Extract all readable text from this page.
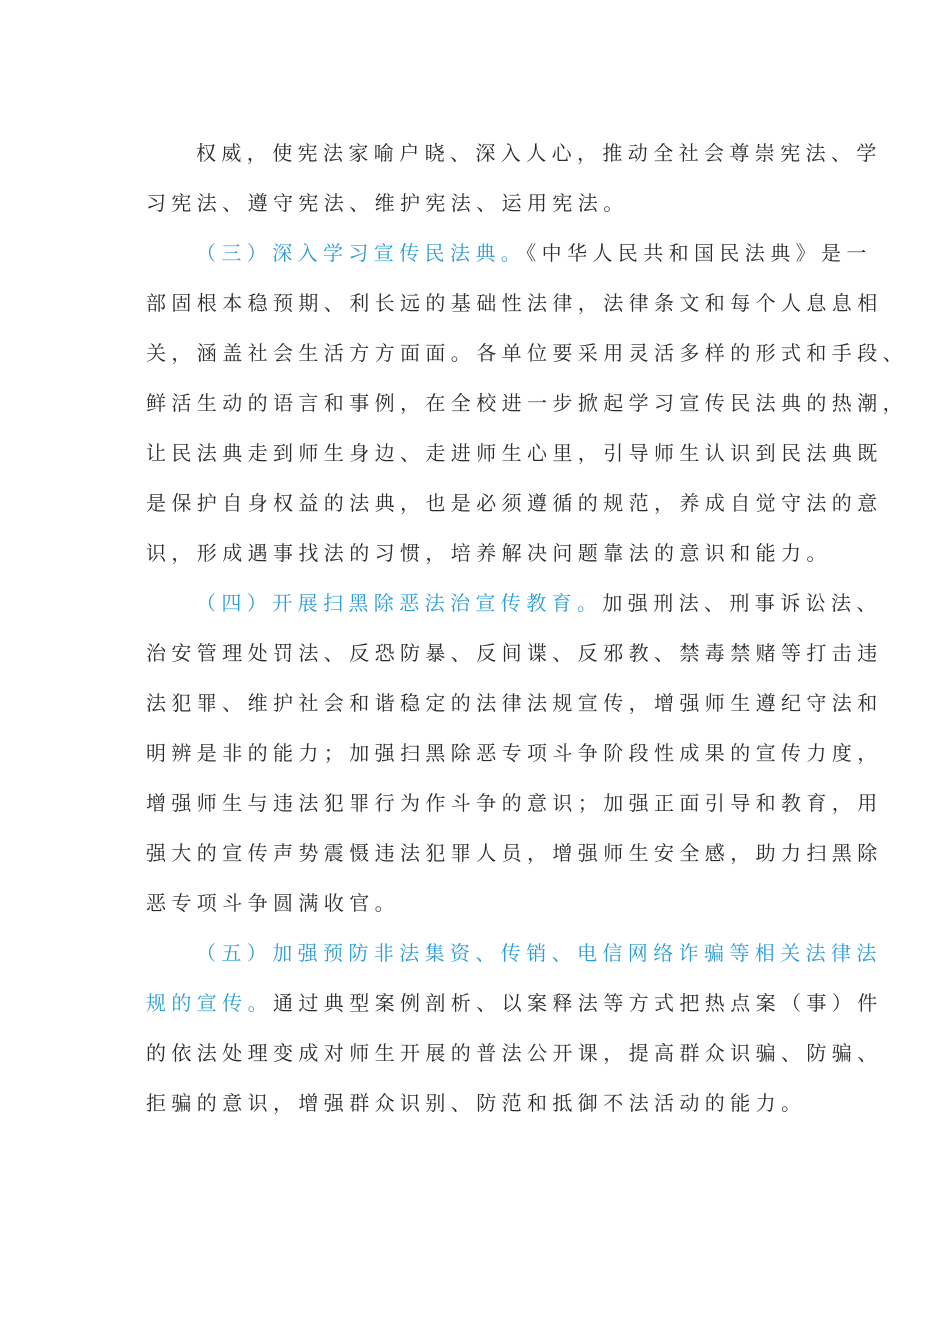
权威，使宪法家喻户晓、深入人心，推动全社会尊崇宪法、学
习宪法、遵守宪法、维护宪法、运用宪法。
（三）深入学习宣传民法典。《中华人民共和国民法典》是一
部固根本稳预期、利长远的基础性法律，法律条文和每个人息息相
关，涵盖社会生活方方面面。各单位要采用灵活多样的形式和手段、
鲜活生动的语言和事例，在全校进一步掀起学习宣传民法典的热潮，
让民法典走到师生身边、走进师生心里，引导师生认识到民法典既
是保护自身权益的法典，也是必须遵循的规范，养成自觉守法的意
识，形成遇事找法的习惯，培养解决问题靠法的意识和能力。
（四）开展扫黑除恶法治宣传教育。加强刑法、刑事诉讼法、
治安管理处罚法、反恐防暴、反间谍、反邪教、禁毒禁赌等打击违
法犯罪、维护社会和谐稳定的法律法规宣传，增强师生遵纪守法和
明辨是非的能力；加强扫黑除恶专项斗争阶段性成果的宣传力度，
增强师生与违法犯罪行为作斗争的意识；加强正面引导和教育，用
强大的宣传声势震慑违法犯罪人员，增强师生安全感，助力扫黑除
恶专项斗争圆满收官。
（五）加强预防非法集资、传销、电信网络诈骗等相关法律法
规的宣传。通过典型案例剖析、以案释法等方式把热点案（事）件
的依法处理变成对师生开展的普法公开课，提高群众识骗、防骗、
拒骗的意识，增强群众识别、防范和抵御不法活动的能力。
